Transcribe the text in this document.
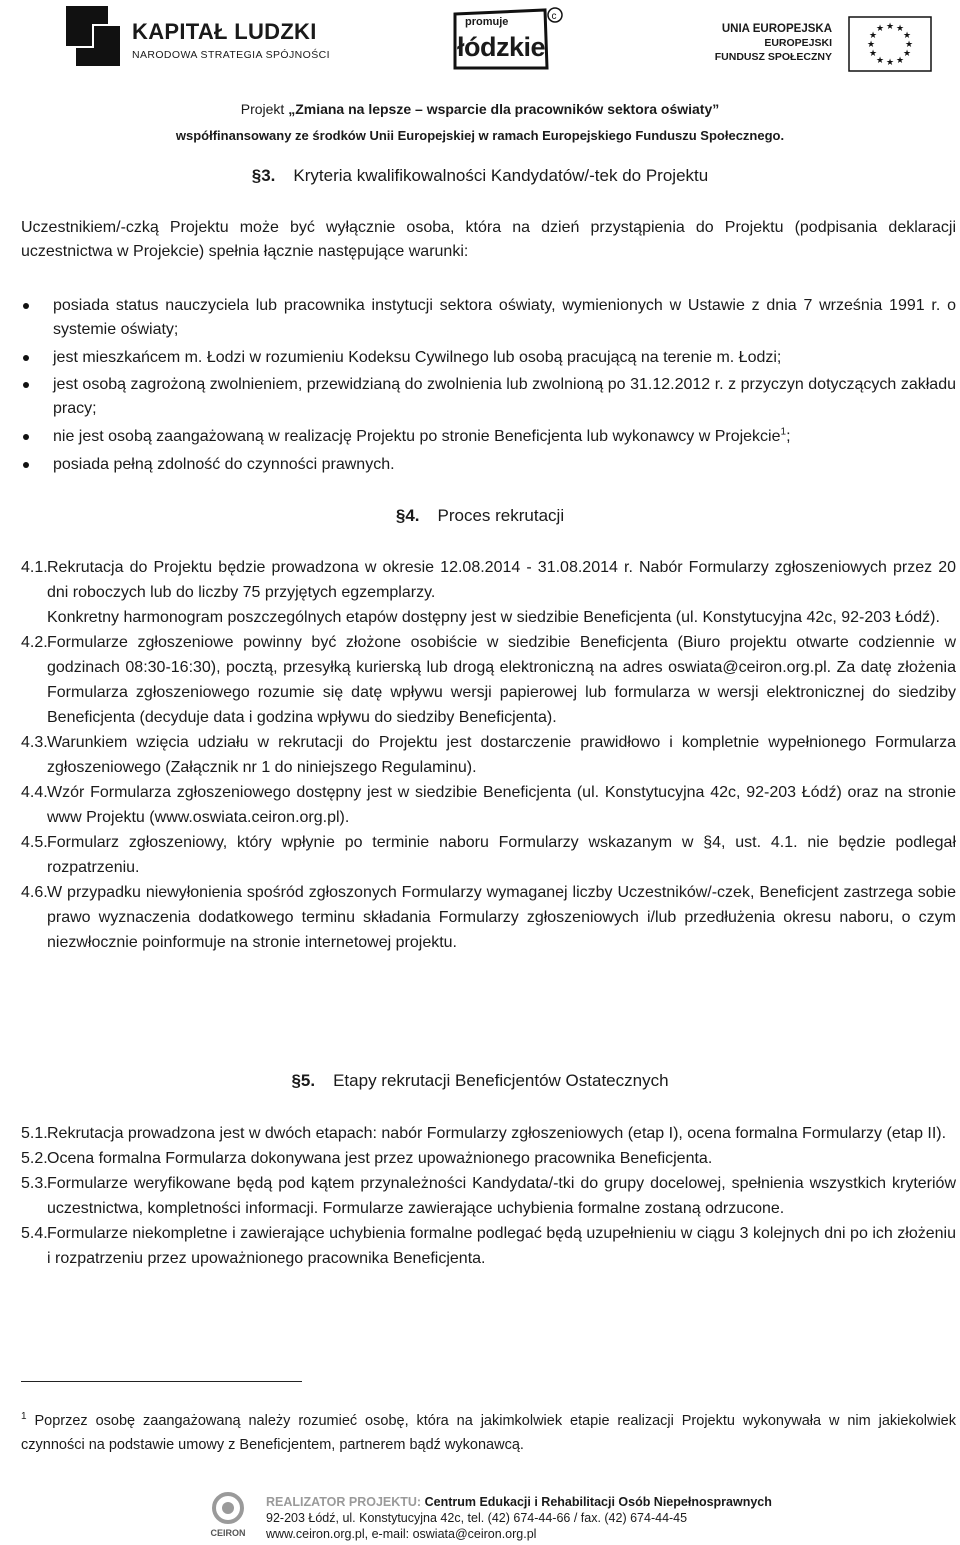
KAPITAŁ LUDZKI
NARODOWA STRATEGIA SPÓJNOŚCI
c
promuje
łódzkie
UNIA EUROPEJSKA
EUROPEJSKI
FUNDUSZ SPOŁECZNY
★ ★
★
★
★
★
★
★
★
★
★
★
Projekt „Zmiana na lepsze – wsparcie dla pracowników sektora oświaty”
współfinansowany ze środków Unii Europejskiej w ramach Europejskiego Funduszu Społecznego.
§3. Kryteria kwalifikowalności Kandydatów/-tek do Projektu
Uczestnikiem/-czką Projektu może być wyłącznie osoba, która na dzień przystąpienia do Projektu (podpisania deklaracji uczestnictwa w Projekcie) spełnia łącznie następujące warunki:
posiada status nauczyciela lub pracownika instytucji sektora oświaty, wymienionych w Ustawie z dnia 7 września 1991 r. o systemie oświaty;
jest mieszkańcem m. Łodzi w rozumieniu Kodeksu Cywilnego lub osobą pracującą na terenie m. Łodzi;
jest osobą zagrożoną zwolnieniem, przewidzianą do zwolnienia lub zwolnioną po 31.12.2012 r. z przyczyn dotyczących zakładu pracy;
nie jest osobą zaangażowaną w realizację Projektu po stronie Beneficjenta lub wykonawcy w Projekcie$^1$;
posiada pełną zdolność do czynności prawnych.
§4. Proces rekrutacji
4.1. Rekrutacja do Projektu będzie prowadzona w okresie 12.08.2014 - 31.08.2014 r. Nabór Formularzy zgłoszeniowych przez 20 dni roboczych lub do liczby 75 przyjętych egzemplarzy.
Konkretny harmonogram poszczególnych etapów dostępny jest w siedzibie Beneficjenta (ul. Konstytucyjna 42c, 92-203 Łódź).
4.2. Formularze zgłoszeniowe powinny być złożone osobiście w siedzibie Beneficjenta (Biuro projektu otwarte codziennie w godzinach 08:30-16:30), pocztą, przesyłką kurierską lub drogą elektroniczną na adres oswiata@ceiron.org.pl. Za datę złożenia Formularza zgłoszeniowego rozumie się datę wpływu wersji papierowej lub formularza w wersji elektronicznej do siedziby Beneficjenta (decyduje data i godzina wpływu do siedziby Beneficjenta).
4.3. Warunkiem wzięcia udziału w rekrutacji do Projektu jest dostarczenie prawidłowo i kompletnie wypełnionego Formularza zgłoszeniowego (Załącznik nr 1 do niniejszego Regulaminu).
4.4. Wzór Formularza zgłoszeniowego dostępny jest w siedzibie Beneficjenta (ul. Konstytucyjna 42c, 92-203 Łódź) oraz na stronie www Projektu (www.oswiata.ceiron.org.pl).
4.5. Formularz zgłoszeniowy, który wpłynie po terminie naboru Formularzy wskazanym w §4, ust. 4.1. nie będzie podlegał rozpatrzeniu.
4.6. W przypadku niewyłonienia spośród zgłoszonych Formularzy wymaganej liczby Uczestników/-czek, Beneficjent zastrzega sobie prawo wyznaczenia dodatkowego terminu składania Formularzy zgłoszeniowych i/lub przedłużenia okresu naboru, o czym niezwłocznie poinformuje na stronie internetowej projektu.
§5. Etapy rekrutacji Beneficjentów Ostatecznych
5.1. Rekrutacja prowadzona jest w dwóch etapach: nabór Formularzy zgłoszeniowych (etap I), ocena formalna Formularzy (etap II).
5.2. Ocena formalna Formularza dokonywana jest przez upoważnionego pracownika Beneficjenta.
5.3. Formularze weryfikowane będą pod kątem przynależności Kandydata/-tki do grupy docelowej, spełnienia wszystkich kryteriów uczestnictwa, kompletności informacji. Formularze zawierające uchybienia formalne zostaną odrzucone.
5.4. Formularze niekompletne i zawierające uchybienia formalne podlegać będą uzupełnieniu w ciągu 3 kolejnych dni po ich złożeniu i rozpatrzeniu przez upoważnionego pracownika Beneficjenta.
$^1$ Poprzez osobę zaangażowaną należy rozumieć osobę, która na jakimkolwiek etapie realizacji Projektu wykonywała w nim jakiekolwiek czynności na podstawie umowy z Beneficjentem, partnerem bądź wykonawcą.
CEIRON
REALIZATOR PROJEKTU: Centrum Edukacji i Rehabilitacji Osób Niepełnosprawnych
92-203 Łódź, ul. Konstytucyjna 42c, tel. (42) 674-44-66 / fax. (42) 674-44-45
www.ceiron.org.pl, e-mail: oswiata@ceiron.org.pl
